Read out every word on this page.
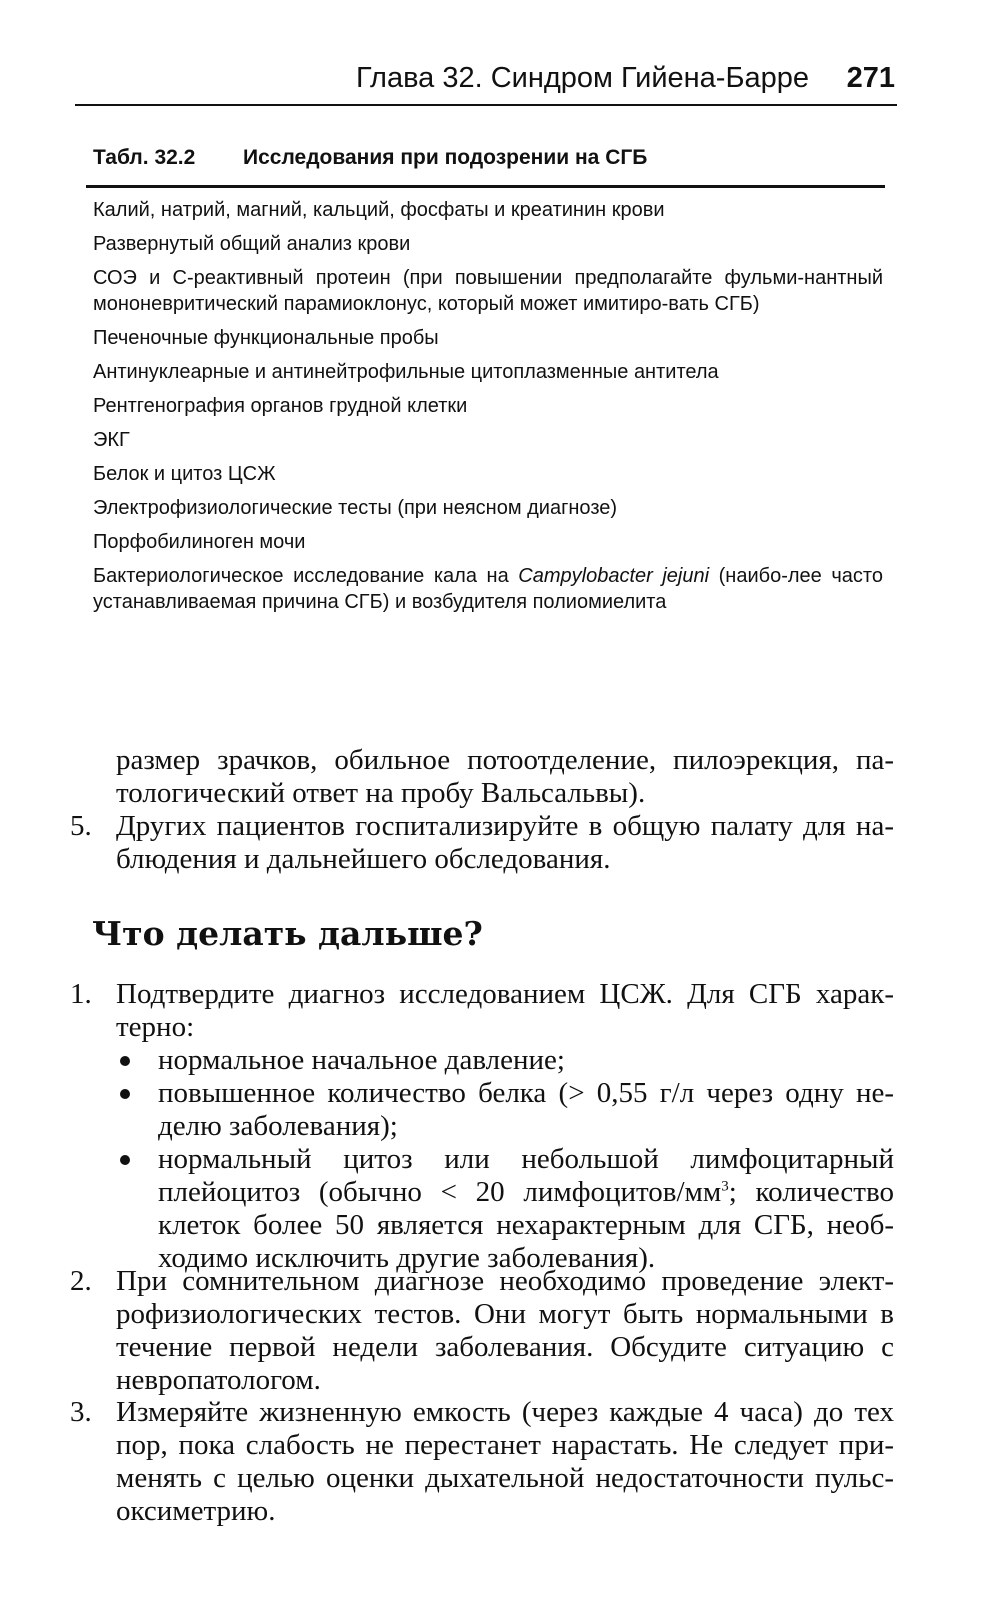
Глава 32. Синдром Гийена-Барре 271
Табл. 32.2 Исследования при подозрении на СГБ
Калий, натрий, магний, кальций, фосфаты и креатинин крови
Развернутый общий анализ крови
СОЭ и С-реактивный протеин (при повышении предполагайте фульми-нантный мононевритический парамиоклонус, который может имитиро-вать СГБ)
Печеночные функциональные пробы
Антинуклеарные и антинейтрофильные цитоплазменные антитела
Рентгенография органов грудной клетки
ЭКГ
Белок и цитоз ЦСЖ
Электрофизиологические тесты (при неясном диагнозе)
Порфобилиноген мочи
Бактериологическое исследование кала на Campylobacter jejuni (наибо-лее часто устанавливаемая причина СГБ) и возбудителя полиомиелита
размер зрачков, обильное потоотделение, пилоэрекция, па-тологический ответ на пробу Вальсальвы).
5. Других пациентов госпитализируйте в общую палату для на-блюдения и дальнейшего обследования.
Что делать дальше?
1. Подтвердите диагноз исследованием ЦСЖ. Для СГБ харак-терно:
нормальное начальное давление;
повышенное количество белка (> 0,55 г/л через одну не-делю заболевания);
нормальный цитоз или небольшой лимфоцитарный плейоцитоз (обычно < 20 лимфоцитов/$мм^3$; количество клеток более 50 является нехарактерным для СГБ, необ-ходимо исключить другие заболевания).
2. При сомнительном диагнозе необходимо проведение элект-рофизиологических тестов. Они могут быть нормальными в течение первой недели заболевания. Обсудите ситуацию с невропатологом.
3. Измеряйте жизненную емкость (через каждые 4 часа) до тех пор, пока слабость не перестанет нарастать. Не следует при-менять с целью оценки дыхательной недостаточности пульс-оксиметрию.
